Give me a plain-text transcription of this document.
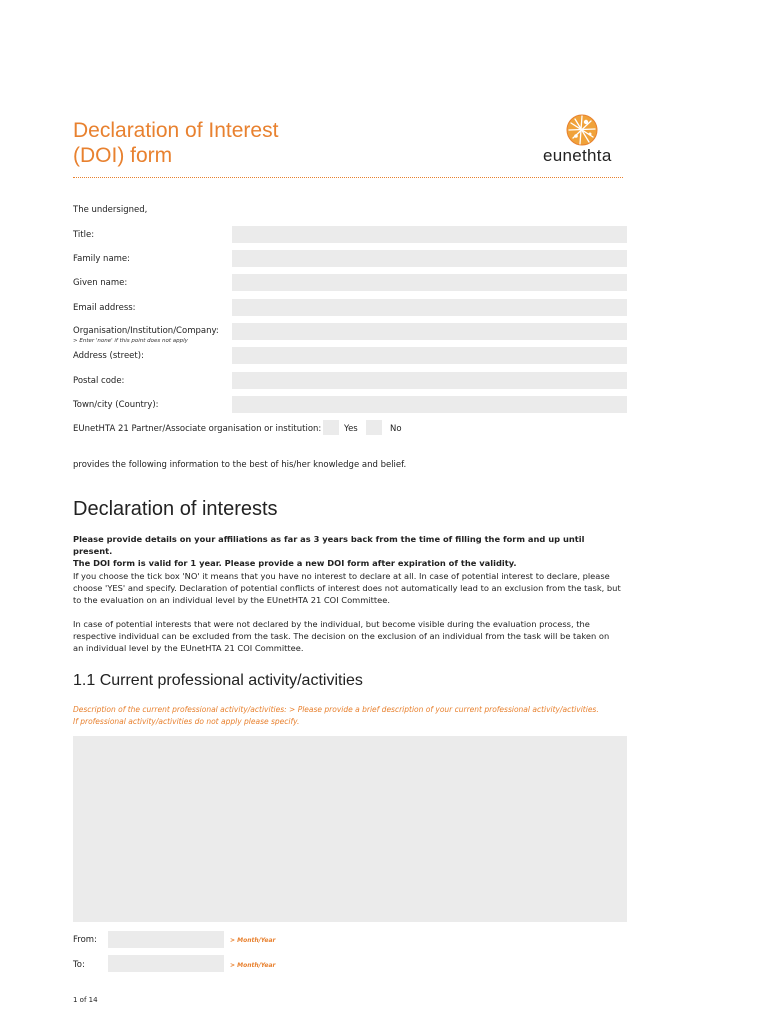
Declaration of Interest
(DOI) form	eunethta
The undersigned,
Title:
Family name:
Given name:
Email address:
Organisation/Institution/Company:
> Enter 'none' if this point does not apply
Address (street):
Postal code:
Town/city (Country):
EUnetHTA 21 Partner/Associate organisation or institution:	Yes	No
provides the following information to the best of his/her knowledge and belief.
Declaration of interests
Please provide details on your affiliations as far as 3 years back from the time of filling the form and up until present.
The DOI form is valid for 1 year. Please provide a new DOI form after expiration of the validity.
If you choose the tick box 'NO' it means that you have no interest to declare at all. In case of potential interest to declare, please choose 'YES' and specify. Declaration of potential conflicts of interest does not automatically lead to an exclusion from the task, but to the evaluation on an individual level by the EUnetHTA 21 COI Committee.
In case of potential interests that were not declared by the individual, but become visible during the evaluation process, the respective individual can be excluded from the task. The decision on the exclusion of an individual from the task will be taken on an individual level by the EUnetHTA 21 COI Committee.
1.1 Current professional activity/activities
Description of the current professional activity/activities: > Please provide a brief description of your current professional activity/activities.
If professional activity/activities do not apply please specify.
From:	> Month/Year
To:	> Month/Year
1 of 14
